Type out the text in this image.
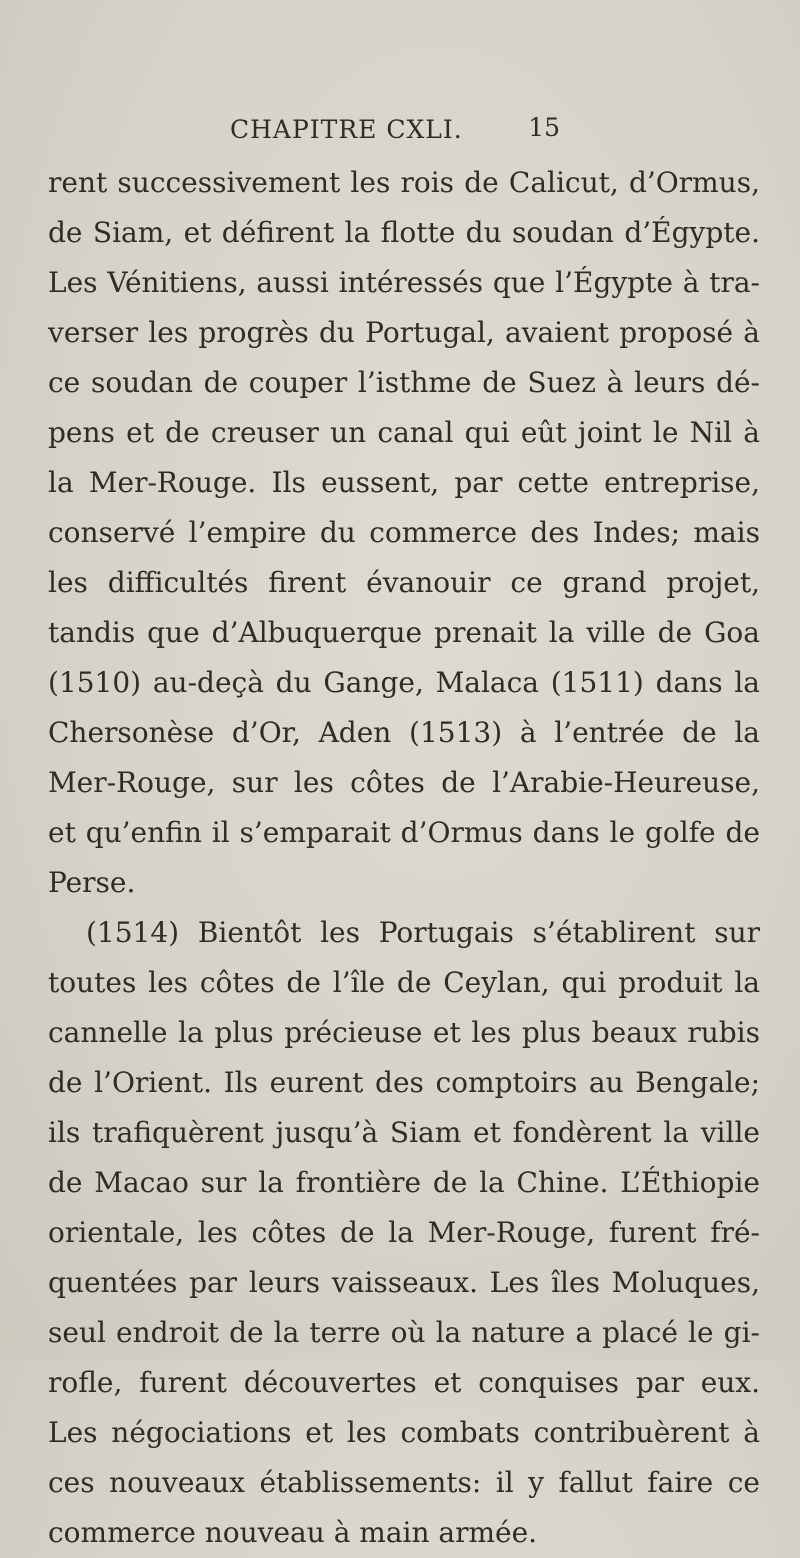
CHAPITRE CXLI.	15
rent successivement les rois de Calicut, d’Ormus,
de Siam, et défirent la flotte du soudan d’Égypte.
Les Vénitiens, aussi intéressés que l’Égypte à tra-
verser les progrès du Portugal, avaient proposé à
ce soudan de couper l’isthme de Suez à leurs dé-
pens et de creuser un canal qui eût joint le Nil à
la Mer-Rouge. Ils eussent, par cette entreprise,
conservé l’empire du commerce des Indes; mais
les difficultés firent évanouir ce grand projet,
tandis que d’Albuquerque prenait la ville de Goa
(1510) au-deçà du Gange, Malaca (1511) dans la
Chersonèse d’Or, Aden (1513) à l’entrée de la
Mer-Rouge, sur les côtes de l’Arabie-Heureuse,
et qu’enfin il s’emparait d’Ormus dans le golfe de
Perse.
(1514) Bientôt les Portugais s’établirent sur
toutes les côtes de l’île de Ceylan, qui produit la
cannelle la plus précieuse et les plus beaux rubis
de l’Orient. Ils eurent des comptoirs au Bengale;
ils trafiquèrent jusqu’à Siam et fondèrent la ville
de Macao sur la frontière de la Chine. L’Éthiopie
orientale, les côtes de la Mer-Rouge, furent fré-
quentées par leurs vaisseaux. Les îles Moluques,
seul endroit de la terre où la nature a placé le gi-
rofle, furent découvertes et conquises par eux.
Les négociations et les combats contribuèrent à
ces nouveaux établissements: il y fallut faire ce
commerce nouveau à main armée.
